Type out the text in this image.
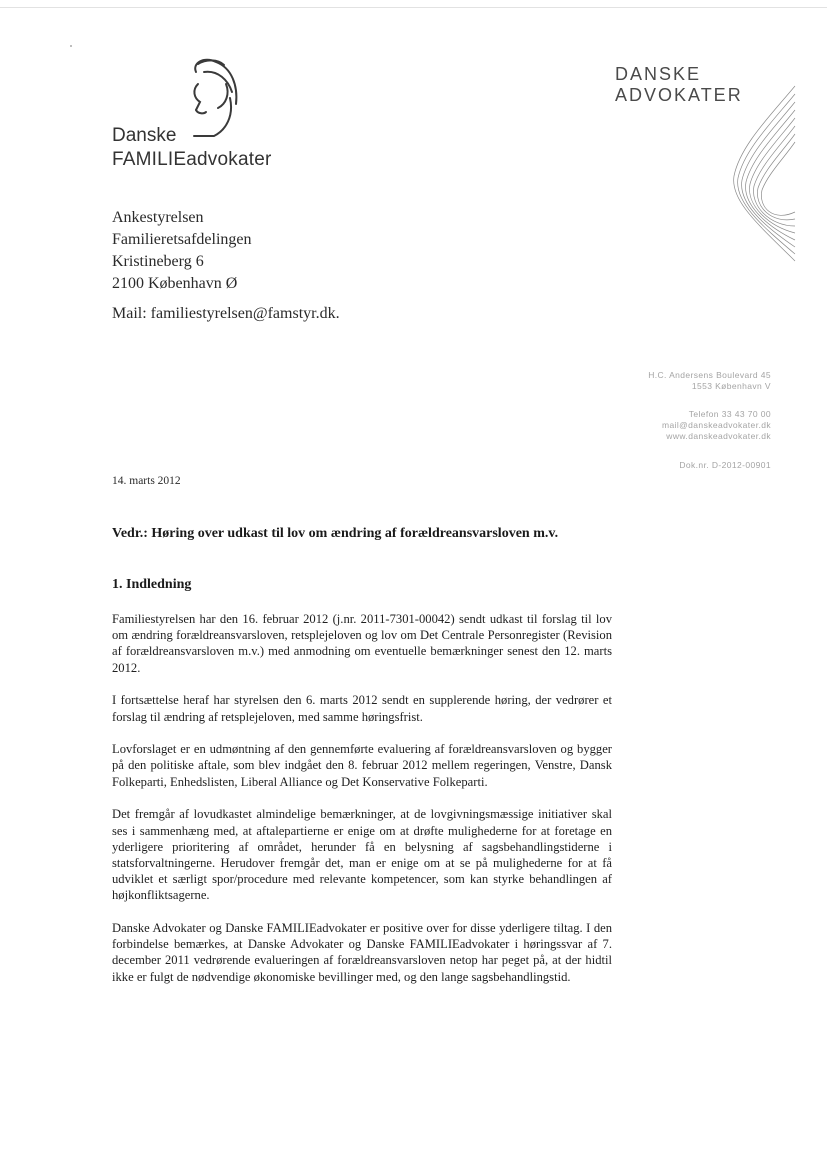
Danske
FAMILIEadvokater
DANSKE
ADVOKATER
Ankestyrelsen
Familieretsafdelingen
Kristineberg 6
2100 København Ø
Mail: familiestyrelsen@famstyr.dk.
H.C. Andersens Boulevard 45
1553 København V
Telefon 33 43 70 00
mail@danskeadvokater.dk
www.danskeadvokater.dk
Dok.nr. D-2012-00901
14. marts 2012
Vedr.: Høring over udkast til lov om ændring af forældreansvarsloven m.v.
1. Indledning

Familiestyrelsen har den 16. februar 2012 (j.nr. 2011-7301-00042) sendt udkast til forslag til lov om ændring forældreansvarsloven, retsplejeloven og lov om Det Centrale Personregister (Revision af forældreansvarsloven m.v.) med anmodning om eventuelle bemærkninger senest den 12. marts 2012.

I fortsættelse heraf har styrelsen den 6. marts 2012 sendt en supplerende høring, der vedrører et forslag til ændring af retsplejeloven, med samme høringsfrist.

Lovforslaget er en udmøntning af den gennemførte evaluering af forældreansvarsloven og bygger på den politiske aftale, som blev indgået den 8. februar 2012 mellem regeringen, Venstre, Dansk Folkeparti, Enhedslisten, Liberal Alliance og Det Konservative Folkeparti.

Det fremgår af lovudkastet almindelige bemærkninger, at de lovgivningsmæssige initiativer skal ses i sammenhæng med, at aftalepartierne er enige om at drøfte mulighederne for at foretage en yderligere prioritering af området, herunder få en belysning af sagsbehandlingstiderne i statsforvaltningerne. Herudover fremgår det, man er enige om at se på mulighederne for at få udviklet et særligt spor/procedure med relevante kompetencer, som kan styrke behandlingen af højkonfliktsagerne.

Danske Advokater og Danske FAMILIEadvokater er positive over for disse yderligere tiltag. I den forbindelse bemærkes, at Danske Advokater og Danske FAMILIEadvokater i høringssvar af 7. december 2011 vedrørende evalueringen af forældreansvarsloven netop har peget på, at der hidtil ikke er fulgt de nødvendige økonomiske bevillinger med, og den lange sagsbehandlingstid.
